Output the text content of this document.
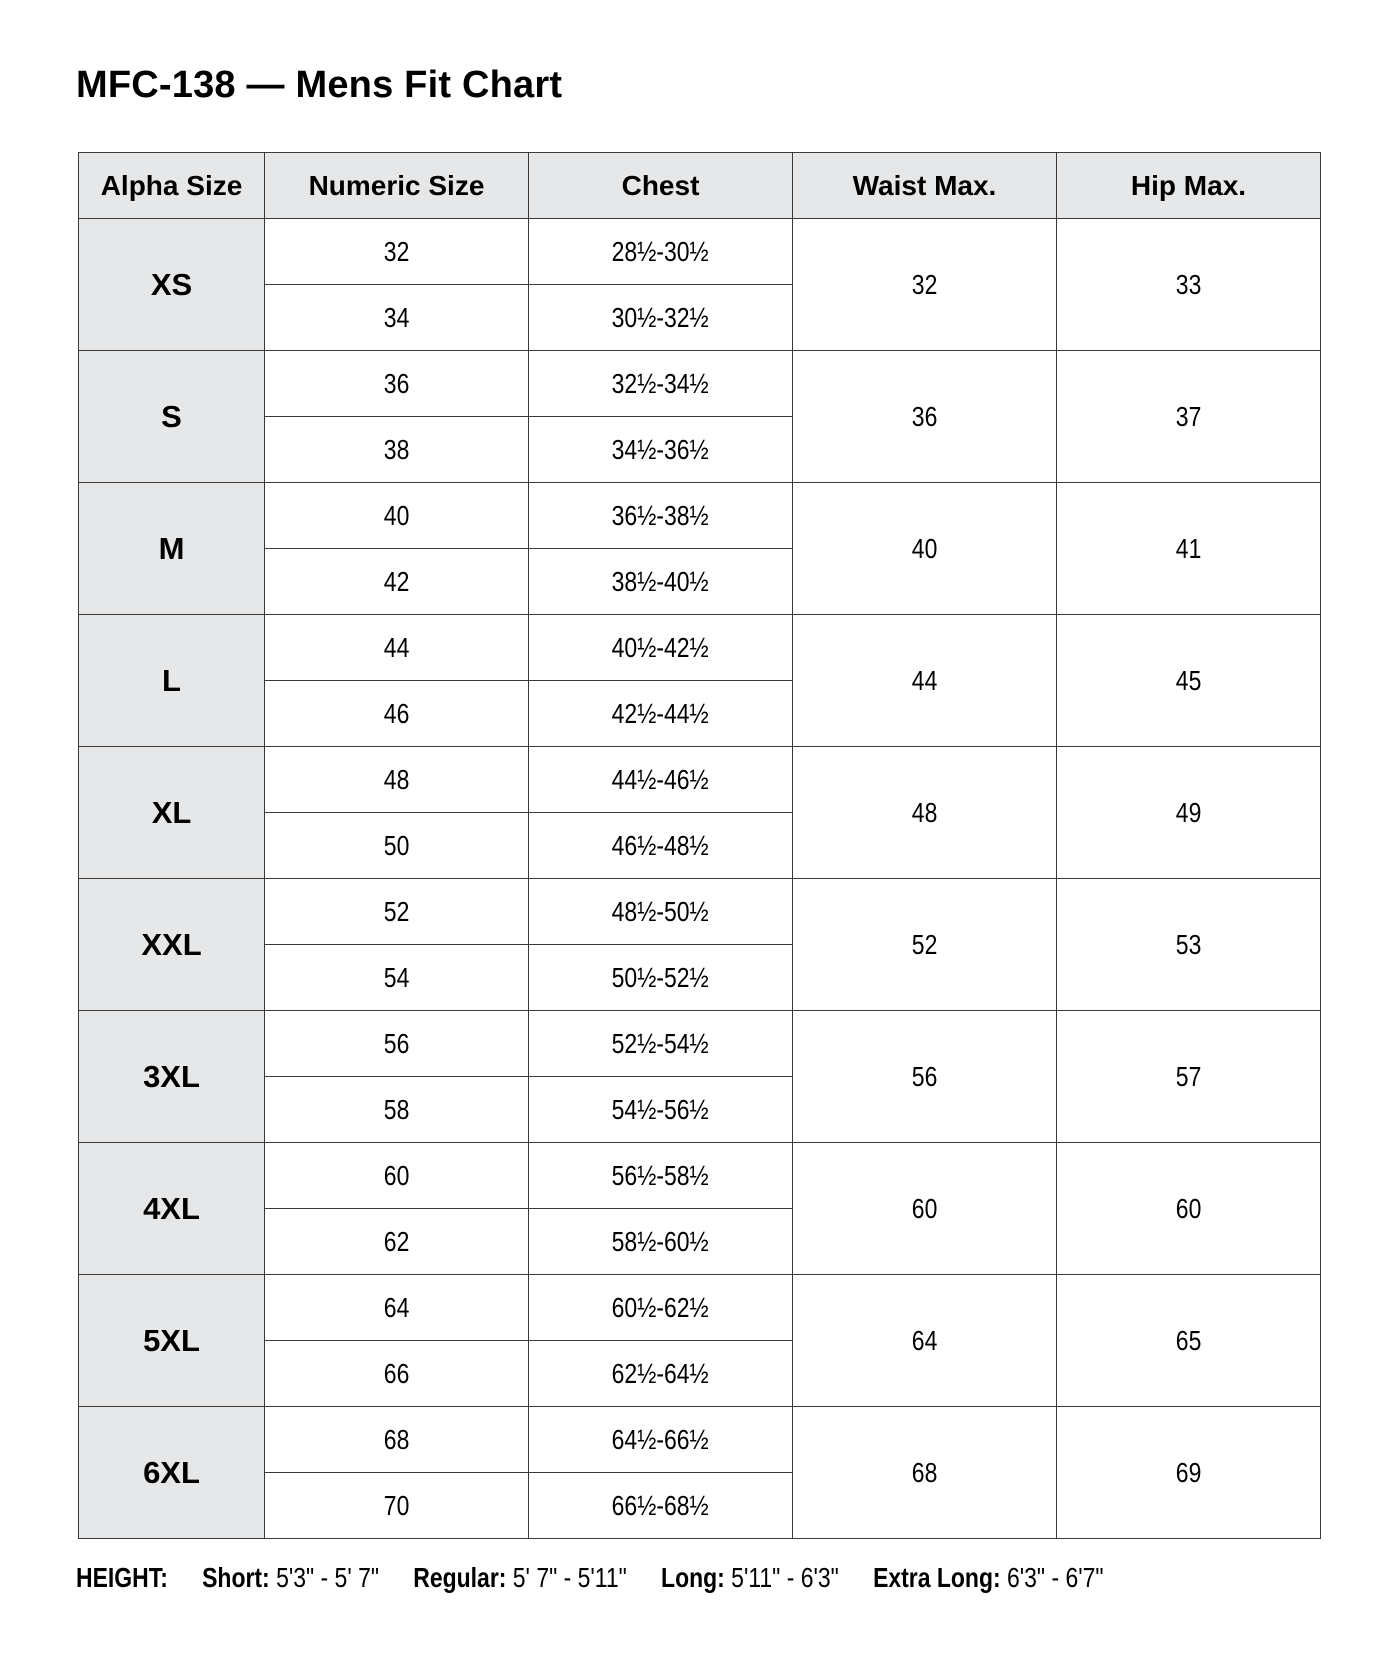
MFC-138 — Mens Fit Chart
Alpha Size	Numeric Size	Chest	Waist Max.	Hip Max.
XS	32	28½-30½	32	33
	34	30½-32½		
S	36	32½-34½	36	37
	38	34½-36½		
M	40	36½-38½	40	41
	42	38½-40½		
L	44	40½-42½	44	45
	46	42½-44½		
XL	48	44½-46½	48	49
	50	46½-48½		
XXL	52	48½-50½	52	53
	54	50½-52½		
3XL	56	52½-54½	56	57
	58	54½-56½		
4XL	60	56½-58½	60	60
	62	58½-60½		
5XL	64	60½-62½	64	65
	66	62½-64½		
6XL	68	64½-66½	68	69
	70	66½-68½		
HEIGHT: Short: 5'3" - 5' 7" Regular: 5' 7" - 5'11" Long: 5'11" - 6'3" Extra Long: 6'3" - 6'7"
